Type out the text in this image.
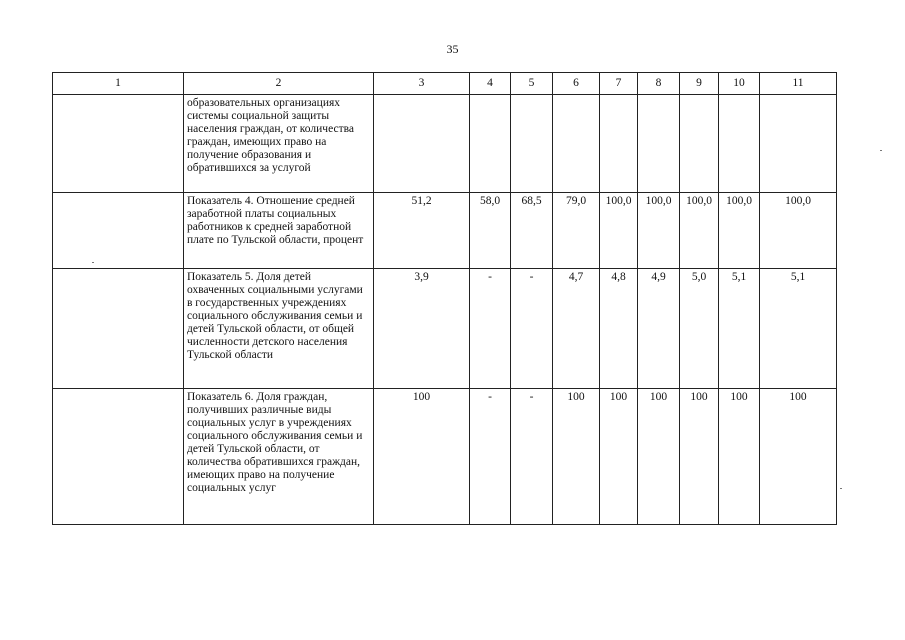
35
1	2	3	4	5	6	7	8	9	10	11
	образовательных организациях системы социальной защиты населения граждан, от количества граждан, имеющих право на получение образования и обратившихся за услугой									
	Показатель 4. Отношение средней заработной платы социальных работников к средней заработной плате по Тульской области, процент	51,2	58,0	68,5	79,0	100,0	100,0	100,0	100,0	100,0
	Показатель 5. Доля детей охваченных социальными услугами в государственных учреждениях социального обслуживания семьи и детей Тульской области, от общей численности детского населения Тульской области	3,9	-	-	4,7	4,8	4,9	5,0	5,1	5,1
	Показатель 6. Доля граждан, получивших различные виды социальных услуг в учреждениях социального обслуживания семьи и детей Тульской области, от количества обратившихся граждан, имеющих право на получение социальных услуг	100	-	-	100	100	100	100	100	100
